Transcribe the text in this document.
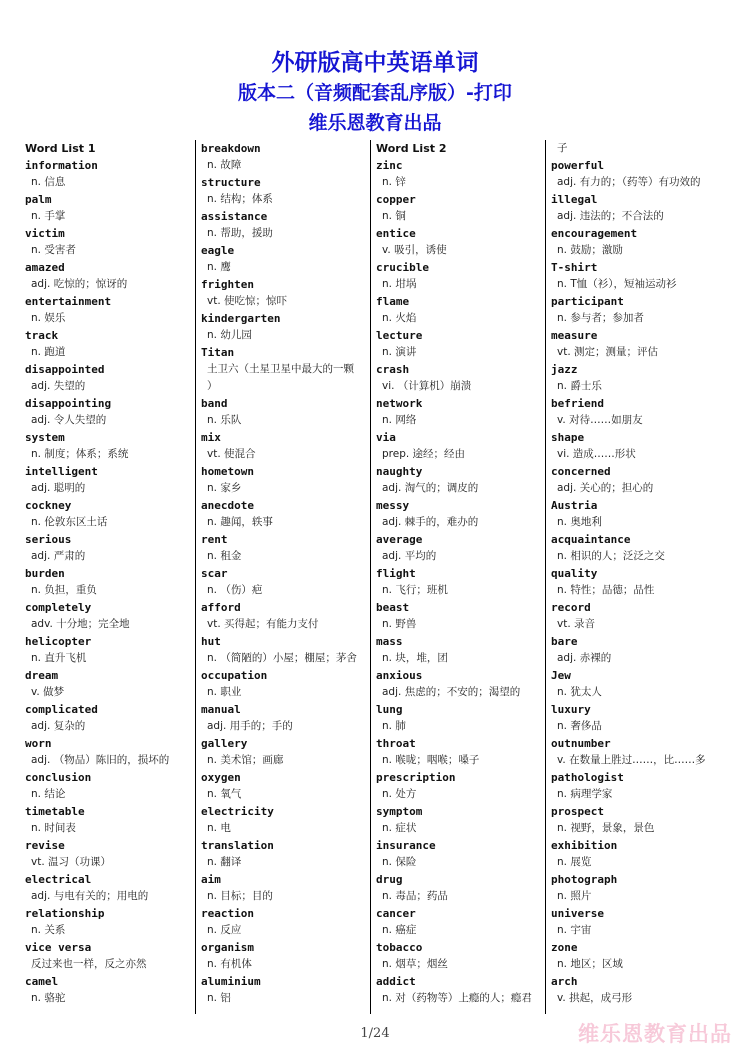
外研版高中英语单词
版本二（音频配套乱序版）-打印
维乐恩教育出品
Word List 1
information
n. 信息
palm
n. 手掌
victim
n. 受害者
amazed
adj. 吃惊的；惊讶的
entertainment
n. 娱乐
track
n. 跑道
disappointed
adj. 失望的
disappointing
adj. 令人失望的
system
n. 制度；体系；系统
intelligent
adj. 聪明的
cockney
n. 伦敦东区土话
serious
adj. 严肃的
burden
n. 负担，重负
completely
adv. 十分地；完全地
helicopter
n. 直升飞机
dream
v. 做梦
complicated
adj. 复杂的
worn
adj. （物品）陈旧的，损坏的
conclusion
n. 结论
timetable
n. 时间表
revise
vt. 温习（功课）
electrical
adj. 与电有关的；用电的
relationship
n. 关系
vice versa
反过来也一样，反之亦然
camel
n. 骆驼
breakdown
n. 故障
structure
n. 结构；体系
assistance
n. 帮助，援助
eagle
n. 鹰
frighten
vt. 使吃惊；惊吓
kindergarten
n. 幼儿园
Titan
土卫六（土星卫星中最大的一颗
）
band
n. 乐队
mix
vt. 使混合
hometown
n. 家乡
anecdote
n. 趣闻，轶事
rent
n. 租金
scar
n. （伤）疤
afford
vt. 买得起；有能力支付
hut
n. （简陋的）小屋；棚屋；茅舍
occupation
n. 职业
manual
adj. 用手的；手的
gallery
n. 美术馆；画廊
oxygen
n. 氧气
electricity
n. 电
translation
n. 翻译
aim
n. 目标；目的
reaction
n. 反应
organism
n. 有机体
aluminium
n. 铝
Word List 2
zinc
n. 锌
copper
n. 铜
entice
v. 吸引，诱使
crucible
n. 坩埚
flame
n. 火焰
lecture
n. 演讲
crash
vi. （计算机）崩溃
network
n. 网络
via
prep. 途经；经由
naughty
adj. 淘气的；调皮的
messy
adj. 棘手的，难办的
average
adj. 平均的
flight
n. 飞行；班机
beast
n. 野兽
mass
n. 块，堆，团
anxious
adj. 焦虑的；不安的；渴望的
lung
n. 肺
throat
n. 喉咙；咽喉；嗓子
prescription
n. 处方
symptom
n. 症状
insurance
n. 保险
drug
n. 毒品；药品
cancer
n. 癌症
tobacco
n. 烟草；烟丝
addict
n. 对（药物等）上瘾的人；瘾君
子
powerful
adj. 有力的；（药等）有功效的
illegal
adj. 违法的；不合法的
encouragement
n. 鼓励；激励
T-shirt
n. T恤（衫），短袖运动衫
participant
n. 参与者；参加者
measure
vt. 测定；测量；评估
jazz
n. 爵士乐
befriend
v. 对待……如朋友
shape
vi. 造成……形状
concerned
adj. 关心的；担心的
Austria
n. 奥地利
acquaintance
n. 相识的人；泛泛之交
quality
n. 特性；品德；品性
record
vt. 录音
bare
adj. 赤裸的
Jew
n. 犹太人
luxury
n. 奢侈品
outnumber
v. 在数量上胜过……，比……多
pathologist
n. 病理学家
prospect
n. 视野，景象，景色
exhibition
n. 展览
photograph
n. 照片
universe
n. 宇宙
zone
n. 地区；区域
arch
v. 拱起，成弓形
1/24	维乐恩教育出品
